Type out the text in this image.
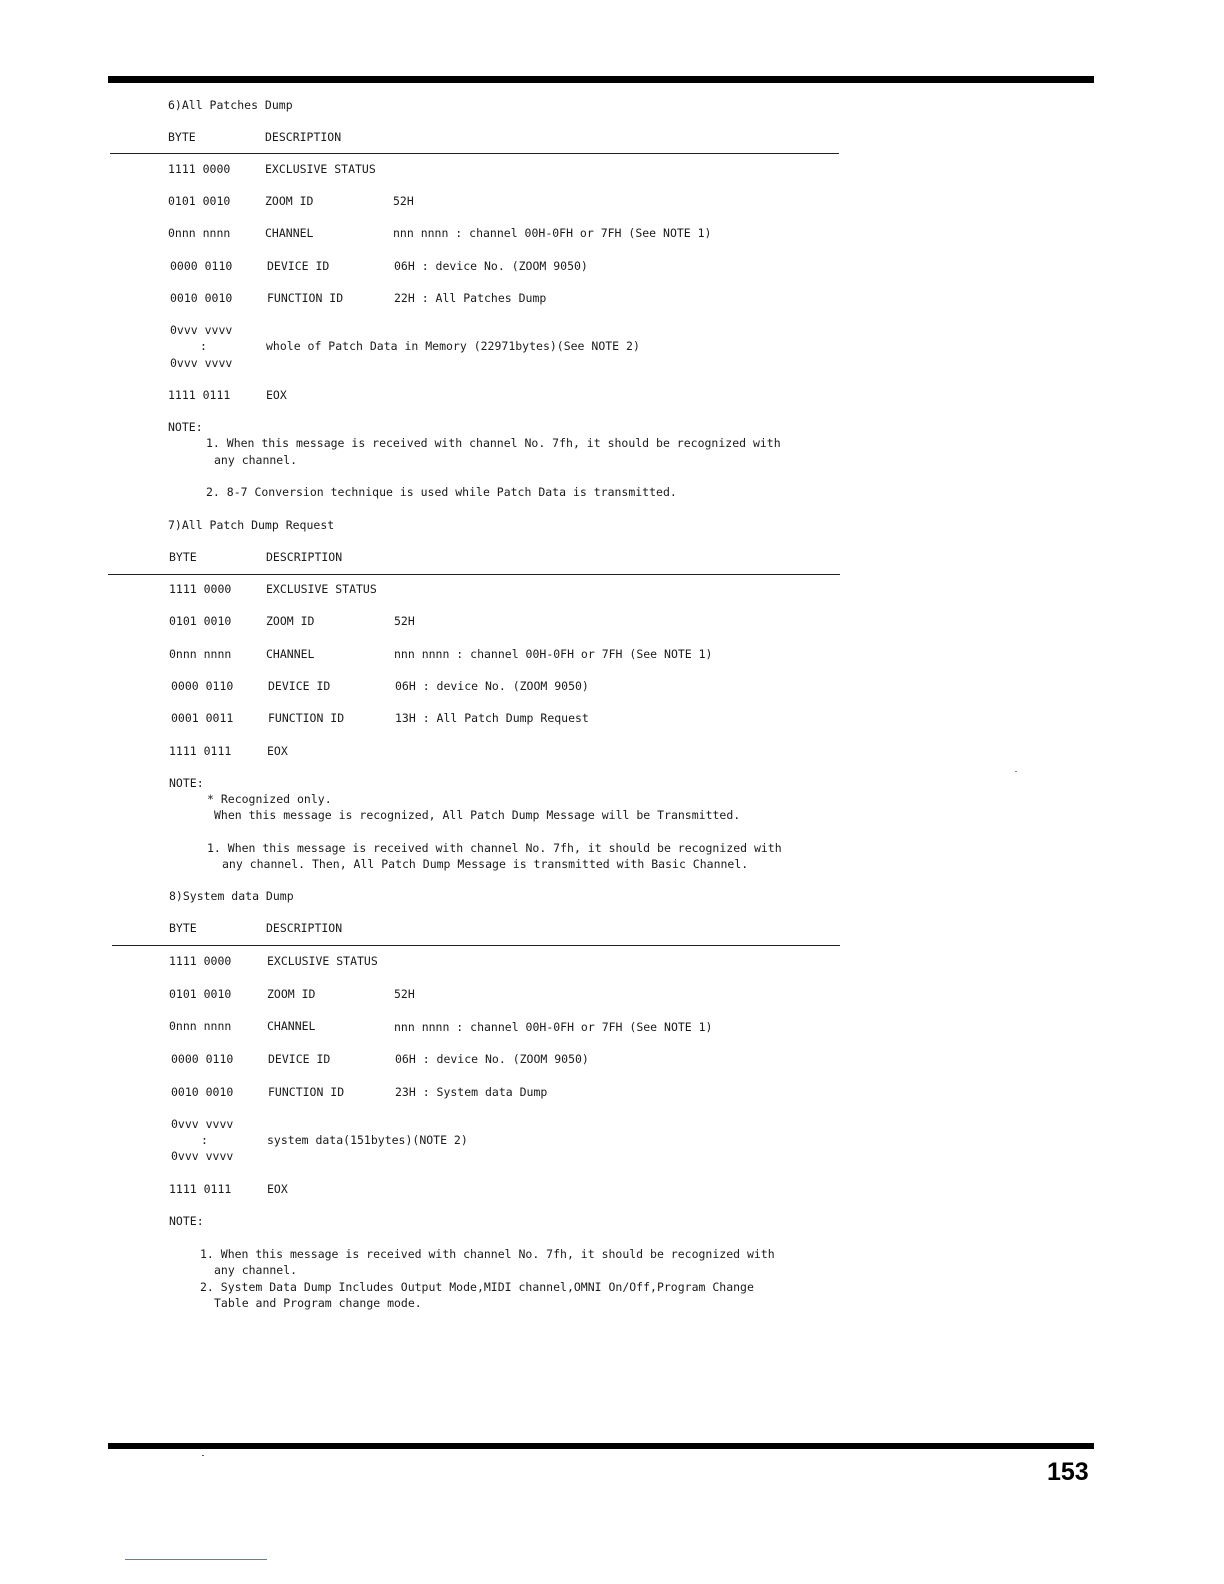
6)All Patches Dump
BYTE	DESCRIPTION
1111 0000	EXCLUSIVE STATUS
0101 0010	ZOOM ID	52H
0nnn nnnn	CHANNEL	nnn nnnn : channel 00H-0FH or 7FH (See NOTE 1)
0000 0110	DEVICE ID	06H : device No. (ZOOM 9050)
0010 0010	FUNCTION ID	22H : All Patches Dump
0vvv vvvv
:	whole of Patch Data in Memory (22971bytes)(See NOTE 2)
0vvv vvvv
1111 0111	EOX
NOTE:
1. When this message is received with channel No. 7fh, it should be recognized with
any channel.
2. 8-7 Conversion technique is used while Patch Data is transmitted.
7)All Patch Dump Request
BYTE	DESCRIPTION
1111 0000	EXCLUSIVE STATUS
0101 0010	ZOOM ID	52H
0nnn nnnn	CHANNEL	nnn nnnn : channel 00H-0FH or 7FH (See NOTE 1)
0000 0110	DEVICE ID	06H : device No. (ZOOM 9050)
0001 0011	FUNCTION ID	13H : All Patch Dump Request
1111 0111	EOX
NOTE:
* Recognized only.
When this message is recognized, All Patch Dump Message will be Transmitted.
1. When this message is received with channel No. 7fh, it should be recognized with
any channel. Then, All Patch Dump Message is transmitted with Basic Channel.
8)System data Dump
BYTE	DESCRIPTION
1111 0000	EXCLUSIVE STATUS
0101 0010	ZOOM ID	52H
0nnn nnnn	CHANNEL	nnn nnnn : channel 00H-0FH or 7FH (See NOTE 1)
0000 0110	DEVICE ID	06H : device No. (ZOOM 9050)
0010 0010	FUNCTION ID	23H : System data Dump
0vvv vvvv
:	system data(151bytes)(NOTE 2)
0vvv vvvv
1111 0111	EOX
NOTE:
1. When this message is received with channel No. 7fh, it should be recognized with
any channel.
2. System Data Dump Includes Output Mode,MIDI channel,OMNI On/Off,Program Change
Table and Program change mode.
153
